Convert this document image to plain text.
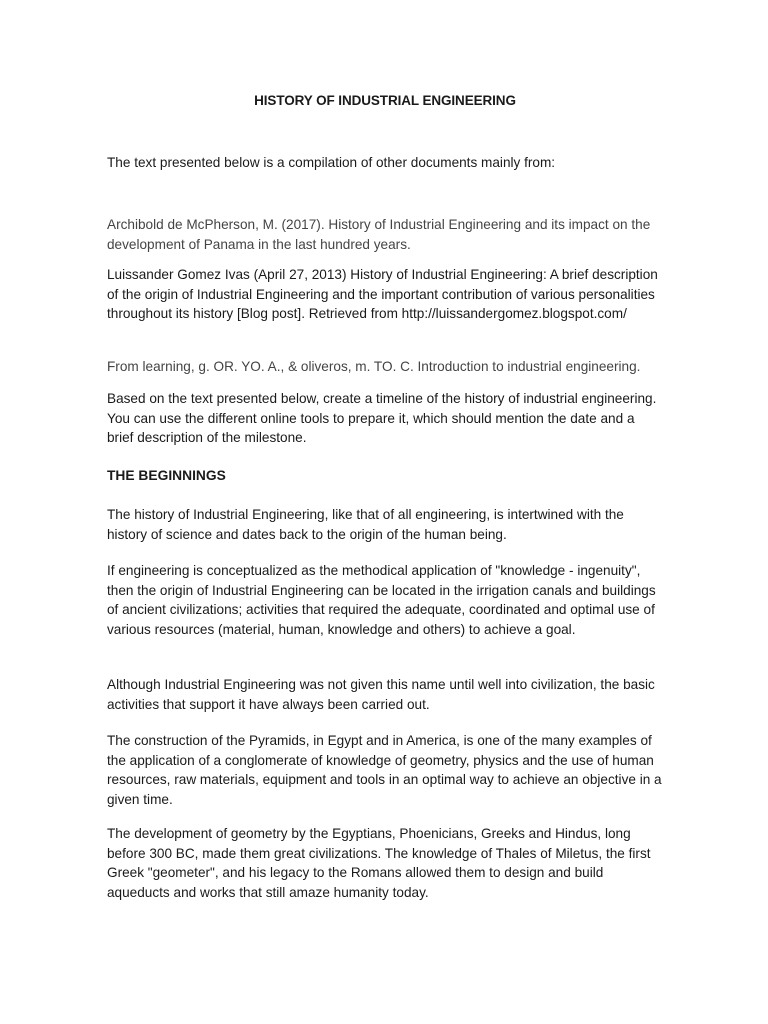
HISTORY OF INDUSTRIAL ENGINEERING

The text presented below is a compilation of other documents mainly from:

Archibold de McPherson, M. (2017). History of Industrial Engineering and its impact on the development of Panama in the last hundred years.

Luissander Gomez Ivas (April 27, 2013) History of Industrial Engineering: A brief description of the origin of Industrial Engineering and the important contribution of various personalities throughout its history [Blog post]. Retrieved from http://luissandergomez.blogspot.com/

From learning, g. OR. YO. A., & oliveros, m. TO. C. Introduction to industrial engineering.

Based on the text presented below, create a timeline of the history of industrial engineering. You can use the different online tools to prepare it, which should mention the date and a brief description of the milestone.

THE BEGINNINGS

The history of Industrial Engineering, like that of all engineering, is intertwined with the history of science and dates back to the origin of the human being.

If engineering is conceptualized as the methodical application of "knowledge - ingenuity", then the origin of Industrial Engineering can be located in the irrigation canals and buildings of ancient civilizations; activities that required the adequate, coordinated and optimal use of various resources (material, human, knowledge and others) to achieve a goal.

Although Industrial Engineering was not given this name until well into civilization, the basic activities that support it have always been carried out.

The construction of the Pyramids, in Egypt and in America, is one of the many examples of the application of a conglomerate of knowledge of geometry, physics and the use of human resources, raw materials, equipment and tools in an optimal way to achieve an objective in a given time.

The development of geometry by the Egyptians, Phoenicians, Greeks and Hindus, long before 300 BC, made them great civilizations. The knowledge of Thales of Miletus, the first Greek "geometer", and his legacy to the Romans allowed them to design and build aqueducts and works that still amaze humanity today.
